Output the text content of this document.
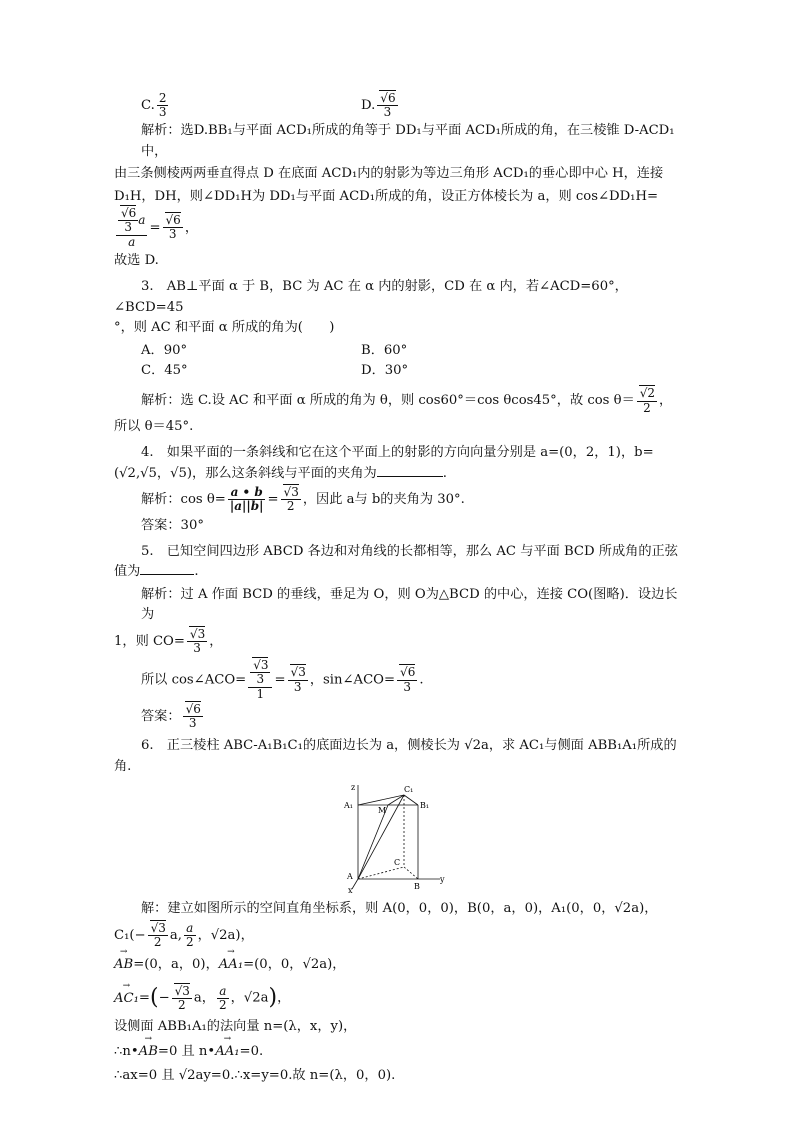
C. $\frac{2}{3}$	D. √ $\frac{6}{3}$

解析：选D.BB₁与平面 ACD₁所成的角等于 DD₁与平面 ACD₁所成的角，在三棱锥 D-ACD₁中，

由三条侧棱两两垂直得点 D 在底面 ACD₁内的射影为等边三角形 ACD₁的垂心即中心 H，连接

D₁H，DH，则∠DD₁H为 DD₁与平面 ACD₁所成的角，设正方体棱长为 a，则 cos∠DD₁H=
√ $\frac{\frac{6}{3} a}{a}$ = √ $\frac{6}{3}$ ，

故选 D.

3.　AB⊥平面 α 于 B，BC 为 AC 在 α 内的射影，CD 在 α 内，若∠ACD=60°，∠BCD=45

°，则 AC 和平面 α 所成的角为(　　)

A．90°	B．60°
C．45°	D．30°

解析：选 C.设 AC 和平面 α 所成的角为 θ，则 cos60°＝cos θcos45°，故 cos θ＝ √ $\frac{2}{2}$ ，

所以 θ＝45°.

4.　如果平面的一条斜线和它在这个平面上的射影的方向向量分别是 a=(0，2，1)，b=

(√2,√5，√5)，那么这条斜线与平面的夹角为	.

解析：$\cos \theta= \frac{a • b}{|a||b|}$ = √ $\frac{3}{2}$ ，因此 a与 b的夹角为 30°.

答案：30°

5.　已知空间四边形 ABCD 各边和对角线的长都相等，那么 AC 与平面 BCD 所成角的正弦

值为	.

解析：过 A 作面 BCD 的垂线，垂足为 O，则 O为△BCD 的中心，连接 CO(图略)．设边长为

1，则 CO= √ $\frac{3}{3}$ ，

所以 cos∠ACO= √ $\frac{\frac{3}{3}}{1}$ = √ $\frac{3}{3}$ ，sin∠ACO= √ $\frac{6}{3}$ .

答案： √ $\frac{6}{3}$

6.　正三棱柱 ABC-A₁B₁C₁的底面边长为 a，侧棱长为 √2a，求 AC₁与侧面 ABB₁A₁所成的

角.

z	C₁
A₁	B₁
M
C
A
B
x
y

解：建立如图所示的空间直角坐标系，则 A(0，0，0)，B(0，a，0)，A₁(0，0，√2a)，

C₁(− √ $\frac{3}{2} a$, $\frac{a}{2}$ ，√2a)，

→ AB=(0，a，0)，→ AA₁=(0，0，√2a)，

→ AC₁=(− √ $\frac{3}{2}$ a， $\frac{a}{2}$ ，√2a)，

设侧面 ABB₁A₁的法向量 n=(λ，x，y)，

∴n•→ AB=0 且 n•→ AA₁=0.

∴ax=0 且 √2ay=0.∴x=y=0.故 n=(λ，0，0).
